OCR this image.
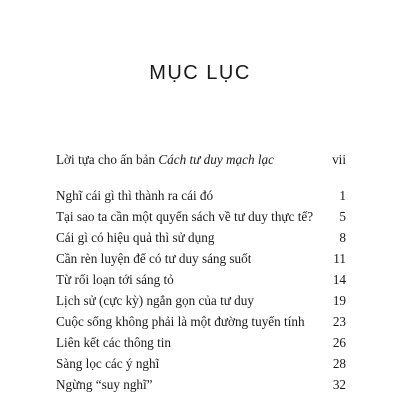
MỤC LỤC
Lời tựa cho ấn bản Cách tư duy mạch lạc	vii
Nghĩ cái gì thì thành ra cái đó	1
Tại sao ta cần một quyển sách về tư duy thực tế?	5
Cái gì có hiệu quả thì sử dụng	8
Cần rèn luyện để có tư duy sáng suốt	11
Từ rối loạn tới sáng tỏ	14
Lịch sử (cực kỳ) ngắn gọn của tư duy	19
Cuộc sống không phải là một đường tuyến tính	23
Liên kết các thông tin	26
Sàng lọc các ý nghĩ	28
Ngừng “suy nghĩ”	32
